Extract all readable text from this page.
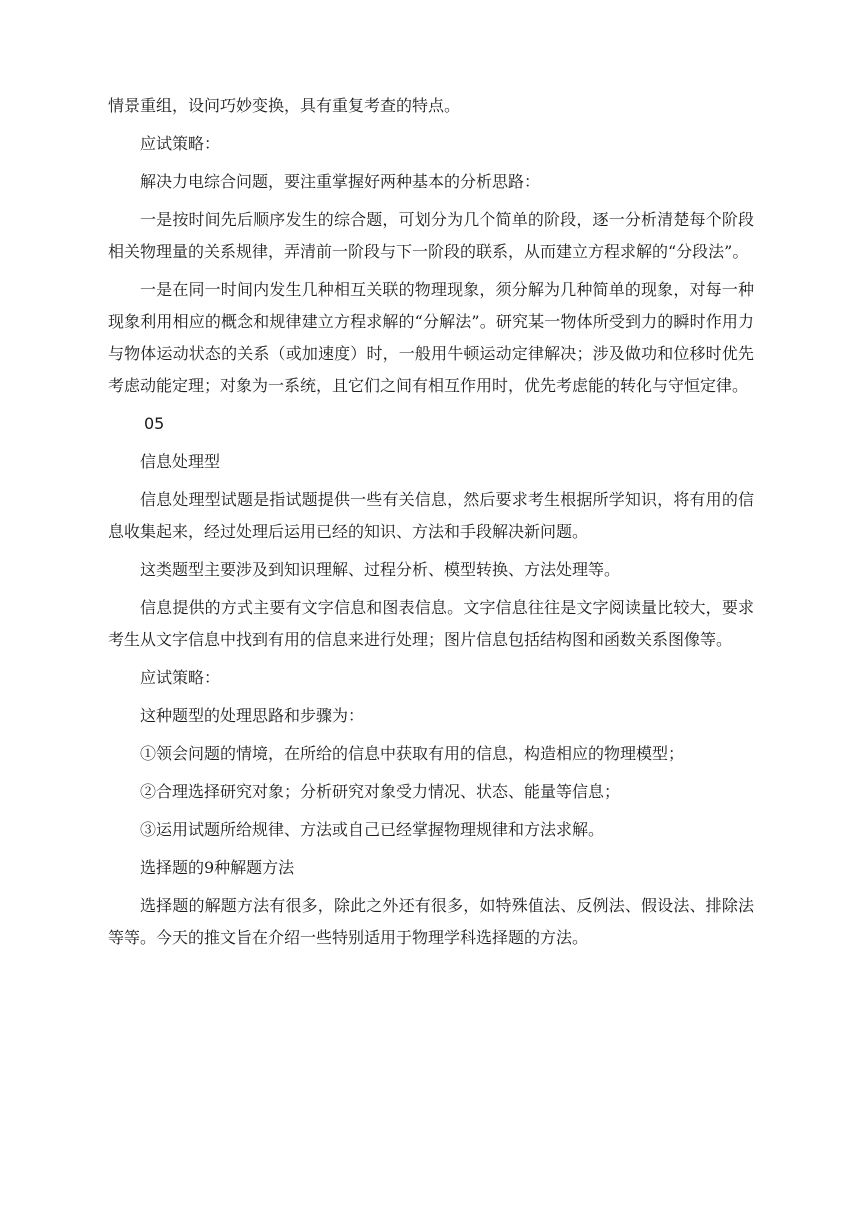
情景重组，设问巧妙变换，具有重复考查的特点。

应试策略：

解决力电综合问题，要注重掌握好两种基本的分析思路：

一是按时间先后顺序发生的综合题，可划分为几个简单的阶段，逐一分析清楚每个阶段相关物理量的关系规律，弄清前一阶段与下一阶段的联系，从而建立方程求解的“分段法”。

一是在同一时间内发生几种相互关联的物理现象，须分解为几种简单的现象，对每一种现象利用相应的概念和规律建立方程求解的“分解法”。研究某一物体所受到力的瞬时作用力与物体运动状态的关系（或加速度）时，一般用牛顿运动定律解决；涉及做功和位移时优先考虑动能定理；对象为一系统，且它们之间有相互作用时，优先考虑能的转化与守恒定律。

05

信息处理型

信息处理型试题是指试题提供一些有关信息，然后要求考生根据所学知识，将有用的信息收集起来，经过处理后运用已经的知识、方法和手段解决新问题。

这类题型主要涉及到知识理解、过程分析、模型转换、方法处理等。

信息提供的方式主要有文字信息和图表信息。文字信息往往是文字阅读量比较大，要求考生从文字信息中找到有用的信息来进行处理；图片信息包括结构图和函数关系图像等。

应试策略：

这种题型的处理思路和步骤为：

①领会问题的情境，在所给的信息中获取有用的信息，构造相应的物理模型；

②合理选择研究对象；分析研究对象受力情况、状态、能量等信息；

③运用试题所给规律、方法或自己已经掌握物理规律和方法求解。

选择题的9种解题方法

选择题的解题方法有很多，除此之外还有很多，如特殊值法、反例法、假设法、排除法等等。今天的推文旨在介绍一些特别适用于物理学科选择题的方法。
